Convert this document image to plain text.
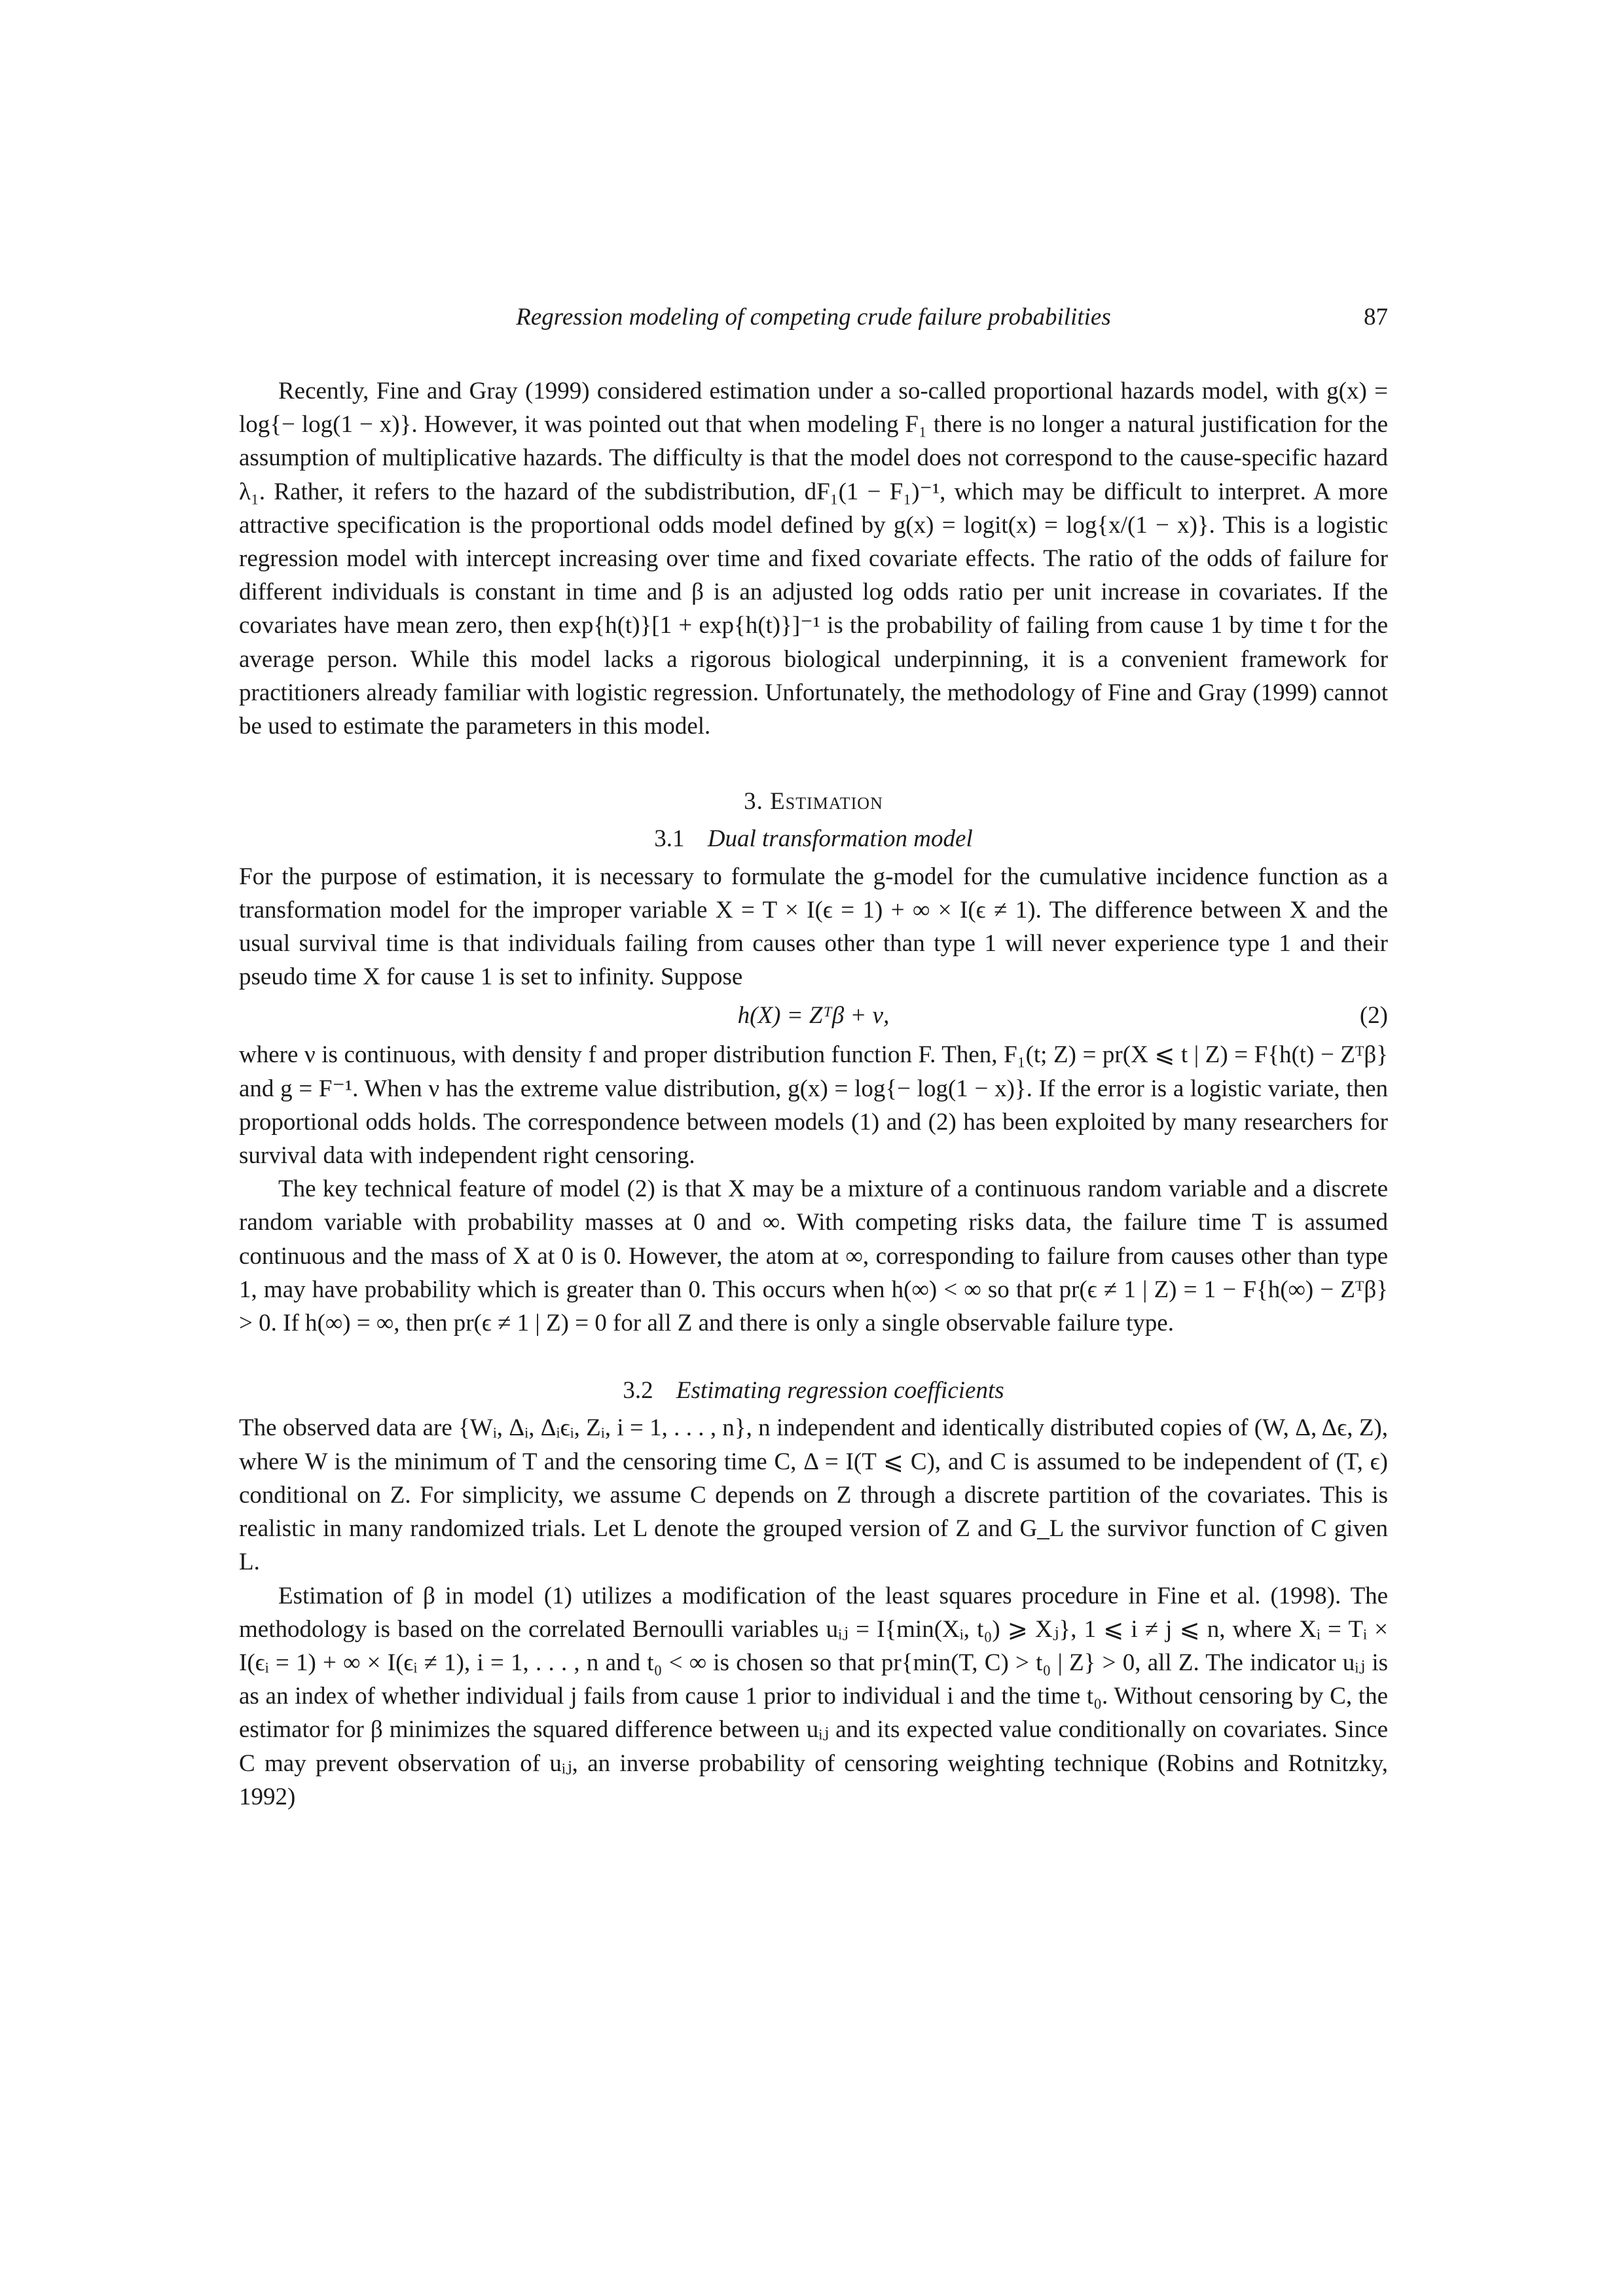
Regression modeling of competing crude failure probabilities	87

Recently, Fine and Gray (1999) considered estimation under a so-called proportional hazards model, with g(x) = log{− log(1 − x)}. However, it was pointed out that when modeling F₁ there is no longer a natural justification for the assumption of multiplicative hazards. The difficulty is that the model does not correspond to the cause-specific hazard λ₁. Rather, it refers to the hazard of the subdistribution, dF₁(1 − F₁)⁻¹, which may be difficult to interpret. A more attractive specification is the proportional odds model defined by g(x) = logit(x) = log{x/(1 − x)}. This is a logistic regression model with intercept increasing over time and fixed covariate effects. The ratio of the odds of failure for different individuals is constant in time and β is an adjusted log odds ratio per unit increase in covariates. If the covariates have mean zero, then exp{h(t)}[1 + exp{h(t)}]⁻¹ is the probability of failing from cause 1 by time t for the average person. While this model lacks a rigorous biological underpinning, it is a convenient framework for practitioners already familiar with logistic regression. Unfortunately, the methodology of Fine and Gray (1999) cannot be used to estimate the parameters in this model.

3. Estimation
3.1 Dual transformation model

For the purpose of estimation, it is necessary to formulate the g-model for the cumulative incidence function as a transformation model for the improper variable X = T × I(ϵ = 1) + ∞ × I(ϵ ≠ 1). The difference between X and the usual survival time is that individuals failing from causes other than type 1 will never experience type 1 and their pseudo time X for cause 1 is set to infinity. Suppose

h(X) = Zᵀβ + ν,	(2)

where ν is continuous, with density f and proper distribution function F. Then, F₁(t; Z) = pr(X ⩽ t | Z) = F{h(t) − Zᵀβ} and g = F⁻¹. When ν has the extreme value distribution, g(x) = log{− log(1 − x)}. If the error is a logistic variate, then proportional odds holds. The correspondence between models (1) and (2) has been exploited by many researchers for survival data with independent right censoring.

The key technical feature of model (2) is that X may be a mixture of a continuous random variable and a discrete random variable with probability masses at 0 and ∞. With competing risks data, the failure time T is assumed continuous and the mass of X at 0 is 0. However, the atom at ∞, corresponding to failure from causes other than type 1, may have probability which is greater than 0. This occurs when h(∞) < ∞ so that pr(ϵ ≠ 1 | Z) = 1 − F{h(∞) − Zᵀβ} > 0. If h(∞) = ∞, then pr(ϵ ≠ 1 | Z) = 0 for all Z and there is only a single observable failure type.

3.2 Estimating regression coefficients

The observed data are {Wᵢ, Δᵢ, Δᵢϵᵢ, Zᵢ, i = 1, . . . , n}, n independent and identically distributed copies of (W, Δ, Δϵ, Z), where W is the minimum of T and the censoring time C, Δ = I(T ⩽ C), and C is assumed to be independent of (T, ϵ) conditional on Z. For simplicity, we assume C depends on Z through a discrete partition of the covariates. This is realistic in many randomized trials. Let L denote the grouped version of Z and G_L the survivor function of C given L.

Estimation of β in model (1) utilizes a modification of the least squares procedure in Fine et al. (1998). The methodology is based on the correlated Bernoulli variables uᵢⱼ = I{min(Xᵢ, t₀) ⩾ Xⱼ}, 1 ⩽ i ≠ j ⩽ n, where Xᵢ = Tᵢ × I(ϵᵢ = 1) + ∞ × I(ϵᵢ ≠ 1), i = 1, . . . , n and t₀ < ∞ is chosen so that pr{min(T, C) > t₀ | Z} > 0, all Z. The indicator uᵢⱼ is as an index of whether individual j fails from cause 1 prior to individual i and the time t₀. Without censoring by C, the estimator for β minimizes the squared difference between uᵢⱼ and its expected value conditionally on covariates. Since C may prevent observation of uᵢⱼ, an inverse probability of censoring weighting technique (Robins and Rotnitzky, 1992)
